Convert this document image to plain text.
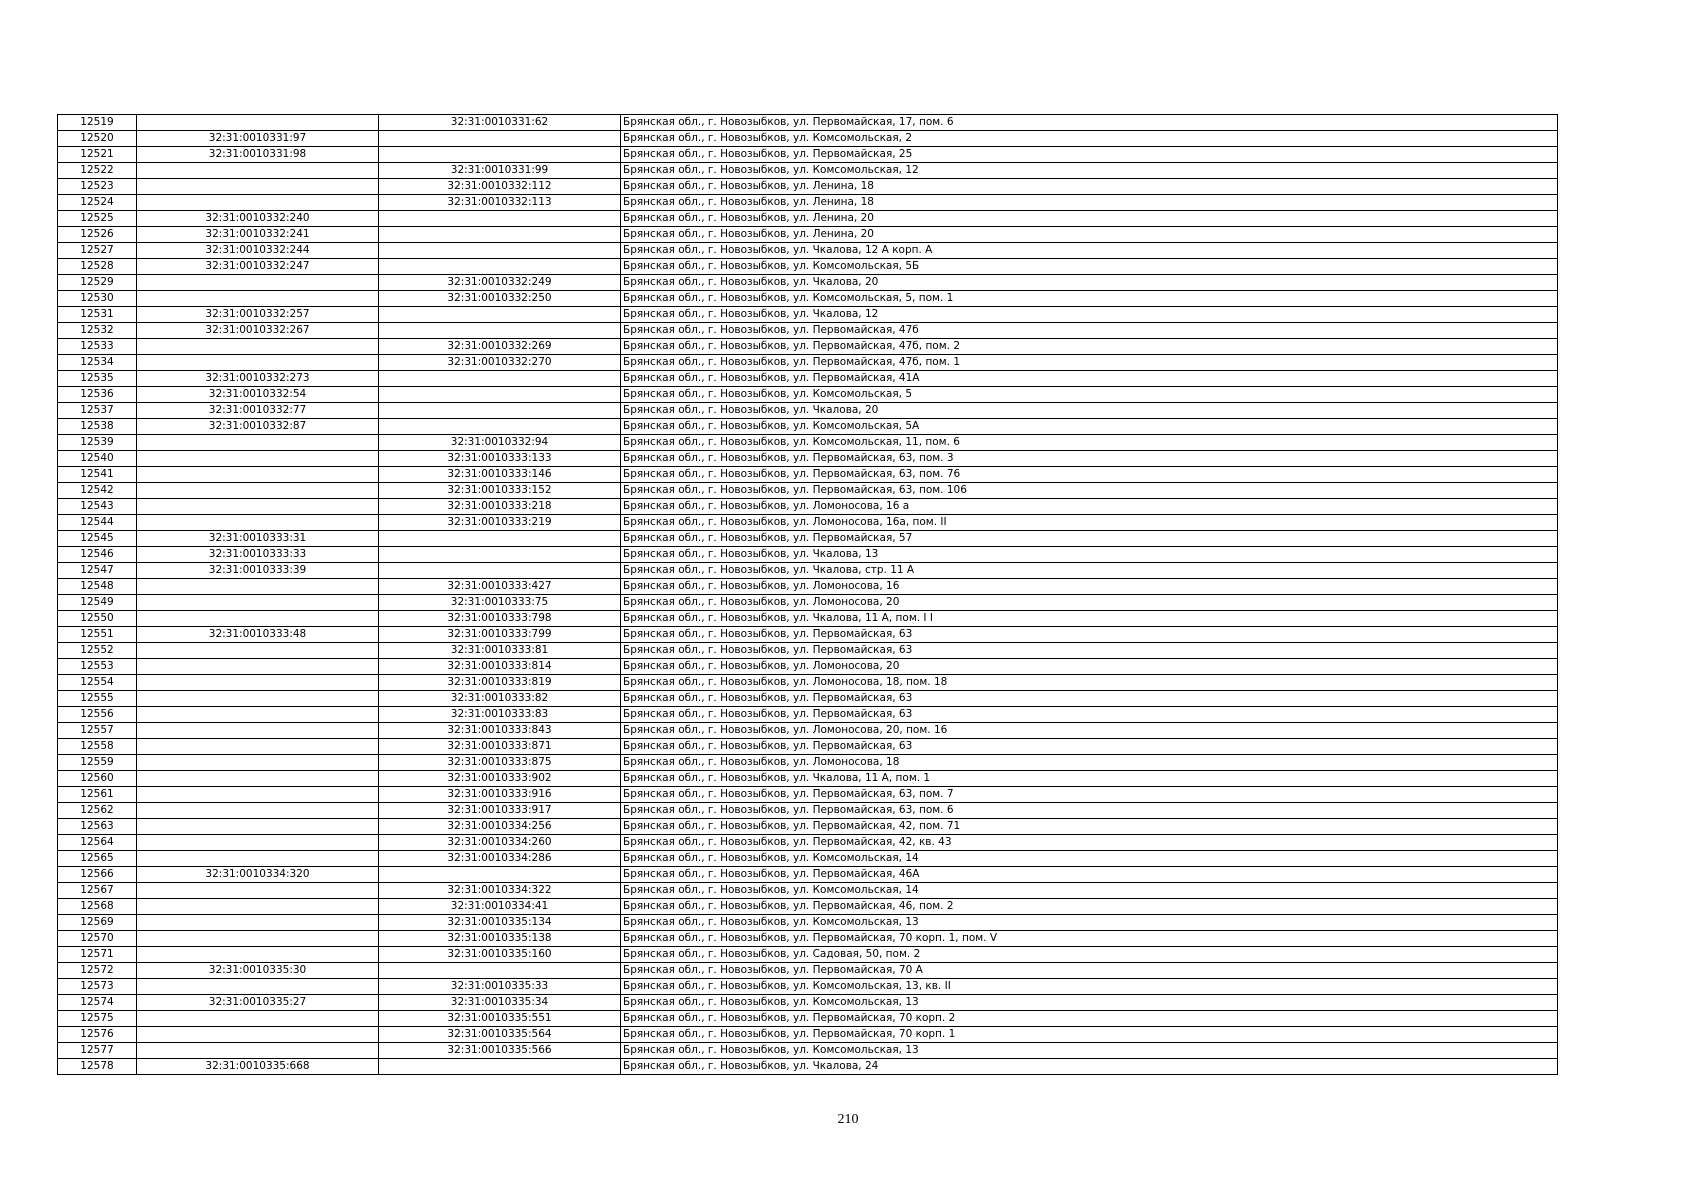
12519		32:31:0010331:62	Брянская обл., г. Новозыбков, ул. Первомайская, 17, пом. 6
12520	32:31:0010331:97		Брянская обл., г. Новозыбков, ул. Комсомольская, 2
12521	32:31:0010331:98		Брянская обл., г. Новозыбков, ул. Первомайская, 25
12522		32:31:0010331:99	Брянская обл., г. Новозыбков, ул. Комсомольская, 12
12523		32:31:0010332:112	Брянская обл., г. Новозыбков, ул. Ленина, 18
12524		32:31:0010332:113	Брянская обл., г. Новозыбков, ул. Ленина, 18
12525	32:31:0010332:240		Брянская обл., г. Новозыбков, ул. Ленина, 20
12526	32:31:0010332:241		Брянская обл., г. Новозыбков, ул. Ленина, 20
12527	32:31:0010332:244		Брянская обл., г. Новозыбков, ул. Чкалова, 12 А корп. А
12528	32:31:0010332:247		Брянская обл., г. Новозыбков, ул. Комсомольская, 5Б
12529		32:31:0010332:249	Брянская обл., г. Новозыбков, ул. Чкалова, 20
12530		32:31:0010332:250	Брянская обл., г. Новозыбков, ул. Комсомольская, 5, пом. 1
12531	32:31:0010332:257		Брянская обл., г. Новозыбков, ул. Чкалова, 12
12532	32:31:0010332:267		Брянская обл., г. Новозыбков, ул. Первомайская, 47б
12533		32:31:0010332:269	Брянская обл., г. Новозыбков, ул. Первомайская, 47б, пом. 2
12534		32:31:0010332:270	Брянская обл., г. Новозыбков, ул. Первомайская, 47б, пом. 1
12535	32:31:0010332:273		Брянская обл., г. Новозыбков, ул. Первомайская, 41А
12536	32:31:0010332:54		Брянская обл., г. Новозыбков, ул. Комсомольская, 5
12537	32:31:0010332:77		Брянская обл., г. Новозыбков, ул. Чкалова, 20
12538	32:31:0010332:87		Брянская обл., г. Новозыбков, ул. Комсомольская, 5А
12539		32:31:0010332:94	Брянская обл., г. Новозыбков, ул. Комсомольская, 11, пом. 6
12540		32:31:0010333:133	Брянская обл., г. Новозыбков, ул. Первомайская, 63, пом. 3
12541		32:31:0010333:146	Брянская обл., г. Новозыбков, ул. Первомайская, 63, пом. 76
12542		32:31:0010333:152	Брянская обл., г. Новозыбков, ул. Первомайская, 63, пом. 106
12543		32:31:0010333:218	Брянская обл., г. Новозыбков, ул. Ломоносова, 16 а
12544		32:31:0010333:219	Брянская обл., г. Новозыбков, ул. Ломоносова, 16а, пом. II
12545	32:31:0010333:31		Брянская обл., г. Новозыбков, ул. Первомайская, 57
12546	32:31:0010333:33		Брянская обл., г. Новозыбков, ул. Чкалова, 13
12547	32:31:0010333:39		Брянская обл., г. Новозыбков, ул. Чкалова, стр. 11 А
12548		32:31:0010333:427	Брянская обл., г. Новозыбков, ул. Ломоносова, 16
12549		32:31:0010333:75	Брянская обл., г. Новозыбков, ул. Ломоносова, 20
12550		32:31:0010333:798	Брянская обл., г. Новозыбков, ул. Чкалова, 11 А, пом. I I
12551	32:31:0010333:48	32:31:0010333:799	Брянская обл., г. Новозыбков, ул. Первомайская, 63
12552		32:31:0010333:81	Брянская обл., г. Новозыбков, ул. Первомайская, 63
12553		32:31:0010333:814	Брянская обл., г. Новозыбков, ул. Ломоносова, 20
12554		32:31:0010333:819	Брянская обл., г. Новозыбков, ул. Ломоносова, 18, пом. 18
12555		32:31:0010333:82	Брянская обл., г. Новозыбков, ул. Первомайская, 63
12556		32:31:0010333:83	Брянская обл., г. Новозыбков, ул. Первомайская, 63
12557		32:31:0010333:843	Брянская обл., г. Новозыбков, ул. Ломоносова, 20, пом. 16
12558		32:31:0010333:871	Брянская обл., г. Новозыбков, ул. Первомайская, 63
12559		32:31:0010333:875	Брянская обл., г. Новозыбков, ул. Ломоносова, 18
12560		32:31:0010333:902	Брянская обл., г. Новозыбков, ул. Чкалова, 11 А, пом. 1
12561		32:31:0010333:916	Брянская обл., г. Новозыбков, ул. Первомайская, 63, пом. 7
12562		32:31:0010333:917	Брянская обл., г. Новозыбков, ул. Первомайская, 63, пом. 6
12563		32:31:0010334:256	Брянская обл., г. Новозыбков, ул. Первомайская, 42, пом. 71
12564		32:31:0010334:260	Брянская обл., г. Новозыбков, ул. Первомайская, 42, кв. 43
12565		32:31:0010334:286	Брянская обл., г. Новозыбков, ул. Комсомольская, 14
12566	32:31:0010334:320		Брянская обл., г. Новозыбков, ул. Первомайская, 46А
12567		32:31:0010334:322	Брянская обл., г. Новозыбков, ул. Комсомольская, 14
12568		32:31:0010334:41	Брянская обл., г. Новозыбков, ул. Первомайская, 46, пом. 2
12569		32:31:0010335:134	Брянская обл., г. Новозыбков, ул. Комсомольская, 13
12570		32:31:0010335:138	Брянская обл., г. Новозыбков, ул. Первомайская, 70 корп. 1, пом. V
12571		32:31:0010335:160	Брянская обл., г. Новозыбков, ул. Садовая, 50, пом. 2
12572	32:31:0010335:30		Брянская обл., г. Новозыбков, ул. Первомайская, 70 А
12573		32:31:0010335:33	Брянская обл., г. Новозыбков, ул. Комсомольская, 13, кв. II
12574	32:31:0010335:27	32:31:0010335:34	Брянская обл., г. Новозыбков, ул. Комсомольская, 13
12575		32:31:0010335:551	Брянская обл., г. Новозыбков, ул. Первомайская, 70 корп. 2
12576		32:31:0010335:564	Брянская обл., г. Новозыбков, ул. Первомайская, 70 корп. 1
12577		32:31:0010335:566	Брянская обл., г. Новозыбков, ул. Комсомольская, 13
12578	32:31:0010335:668		Брянская обл., г. Новозыбков, ул. Чкалова, 24
210
